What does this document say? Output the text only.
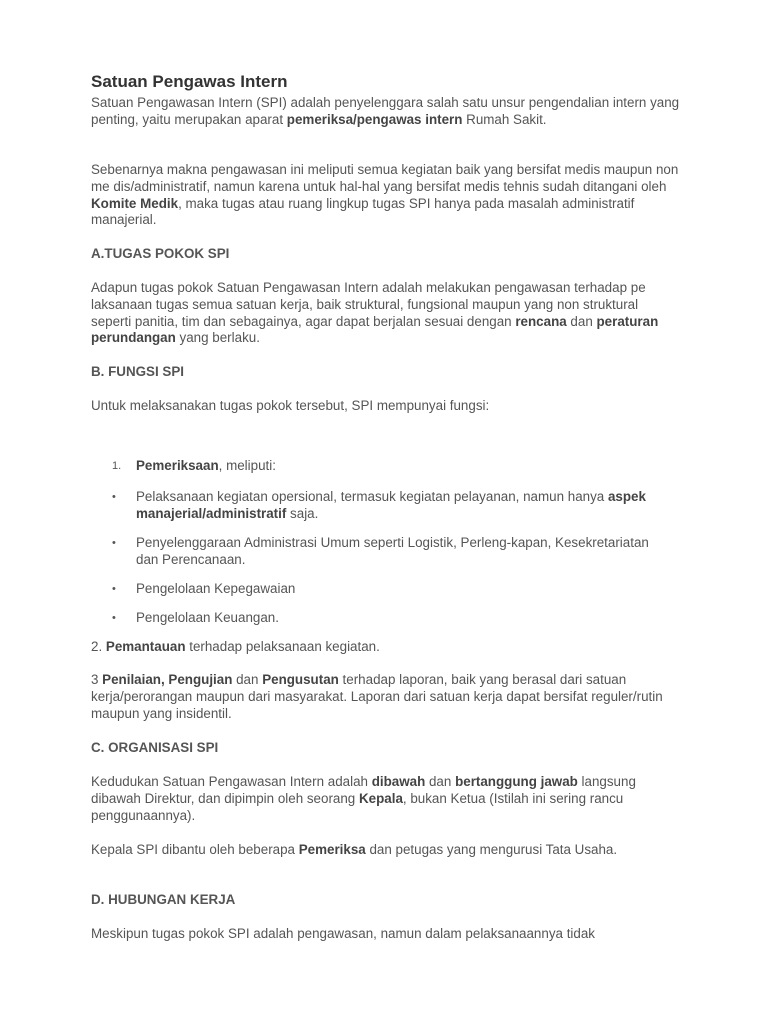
Satuan Pengawas Intern

Satuan Pengawasan Intern (SPI) adalah penyelenggara salah satu unsur pengendalian intern yang penting, yaitu merupakan aparat pemeriksa/pengawas intern Rumah Sakit.

Sebenarnya makna pengawasan ini meliputi semua kegiatan baik yang bersifat medis maupun non me dis/administratif, namun karena untuk hal-hal yang bersifat medis tehnis sudah ditangani oleh Komite Medik, maka tugas atau ruang lingkup tugas SPI hanya pada masalah administratif manajerial.

A.TUGAS POKOK SPI

Adapun tugas pokok Satuan Pengawasan Intern adalah melakukan pengawasan terhadap pe laksanaan tugas semua satuan kerja, baik struktural, fungsional maupun yang non struktural seperti panitia, tim dan sebagainya, agar dapat berjalan sesuai dengan rencana dan peraturan perundangan yang berlaku.

B. FUNGSI SPI

Untuk melaksanakan tugas pokok tersebut, SPI mempunyai fungsi:

1. Pemeriksaan, meliputi:

• Pelaksanaan kegiatan opersional, termasuk kegiatan pelayanan, namun hanya aspek manajerial/administratif saja.

• Penyelenggaraan Administrasi Umum seperti Logistik, Perleng-kapan, Kesekretariatan dan Perencanaan.

• Pengelolaan Kepegawaian

• Pengelolaan Keuangan.

2. Pemantauan terhadap pelaksanaan kegiatan.

3 Penilaian, Pengujian dan Pengusutan terhadap laporan, baik yang berasal dari satuan kerja/perorangan maupun dari masyarakat. Laporan dari satuan kerja dapat bersifat reguler/rutin maupun yang insidentil.

C. ORGANISASI SPI

Kedudukan Satuan Pengawasan Intern adalah dibawah dan bertanggung jawab langsung dibawah Direktur, dan dipimpin oleh seorang Kepala, bukan Ketua (Istilah ini sering rancu penggunaannya).

Kepala SPI dibantu oleh beberapa Pemeriksa dan petugas yang mengurusi Tata Usaha.

D. HUBUNGAN KERJA

Meskipun tugas pokok SPI adalah pengawasan, namun dalam pelaksanaannya tidak
